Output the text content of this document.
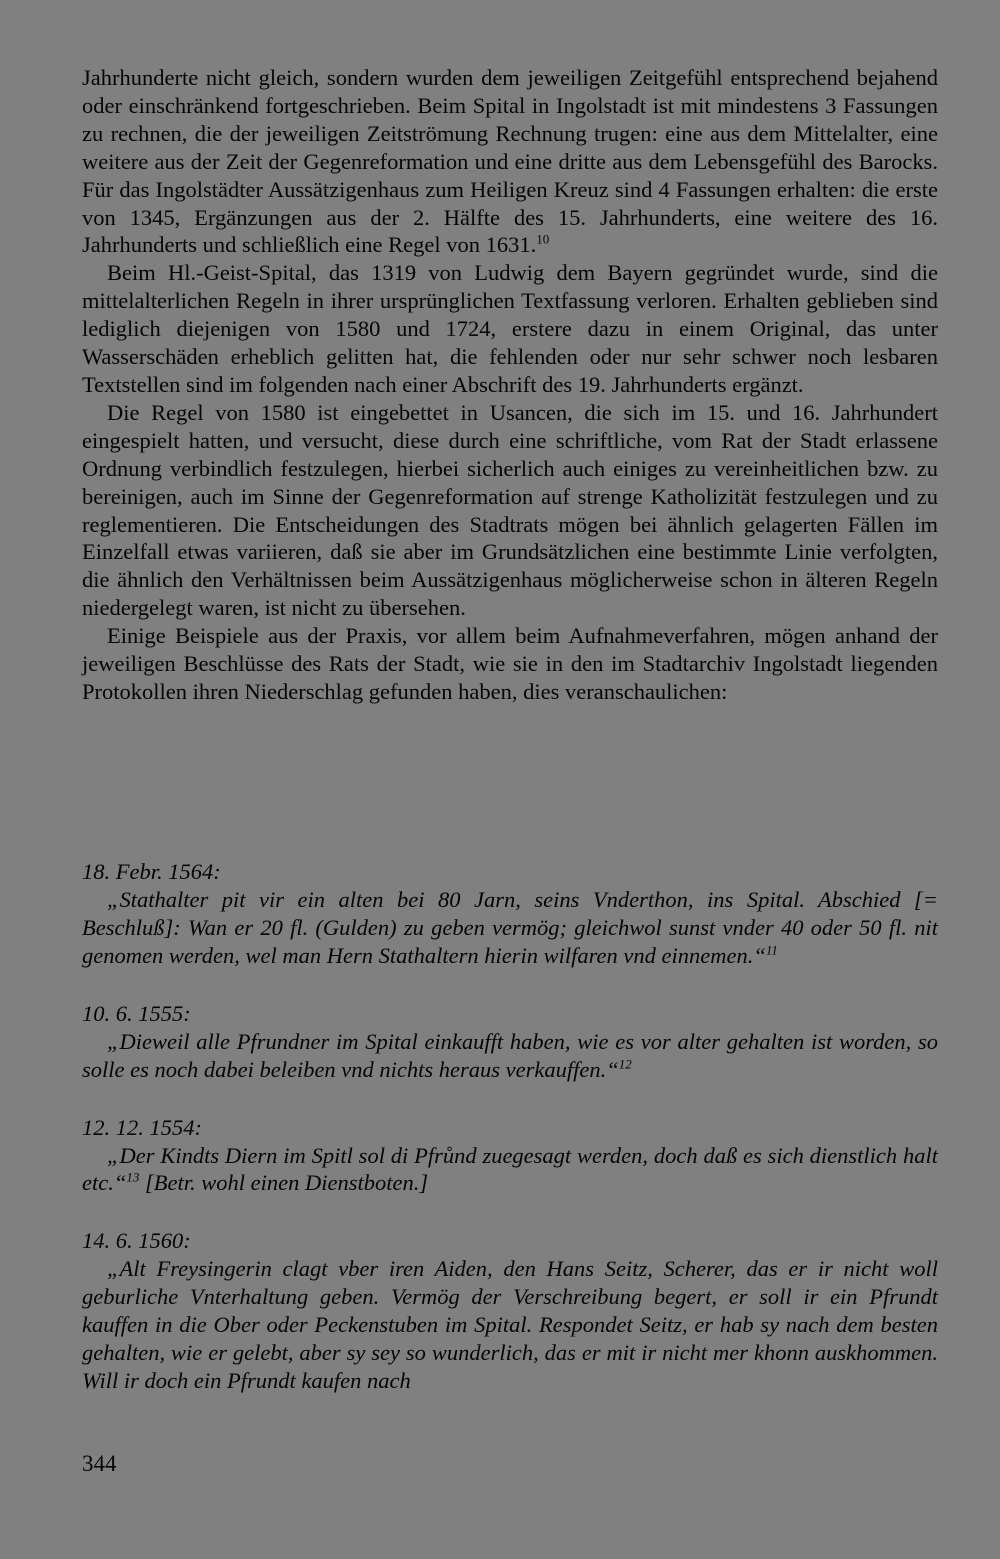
Jahrhunderte nicht gleich, sondern wurden dem jeweiligen Zeitgefühl entsprechend bejahend oder einschränkend fortgeschrieben. Beim Spital in Ingolstadt ist mit mindestens 3 Fassungen zu rechnen, die der jeweiligen Zeitströmung Rechnung trugen: eine aus dem Mittelalter, eine weitere aus der Zeit der Gegenreformation und eine dritte aus dem Lebensgefühl des Barocks. Für das Ingolstädter Aussätzigenhaus zum Heiligen Kreuz sind 4 Fassungen erhalten: die erste von 1345, Ergänzungen aus der 2. Hälfte des 15. Jahrhunderts, eine weitere des 16. Jahrhunderts und schließlich eine Regel von 1631.10

Beim Hl.-Geist-Spital, das 1319 von Ludwig dem Bayern gegründet wurde, sind die mittelalterlichen Regeln in ihrer ursprünglichen Textfassung verloren. Erhalten geblieben sind lediglich diejenigen von 1580 und 1724, erstere dazu in einem Original, das unter Wasserschäden erheblich gelitten hat, die fehlenden oder nur sehr schwer noch lesbaren Textstellen sind im folgenden nach einer Abschrift des 19. Jahrhunderts ergänzt.

Die Regel von 1580 ist eingebettet in Usancen, die sich im 15. und 16. Jahrhundert eingespielt hatten, und versucht, diese durch eine schriftliche, vom Rat der Stadt erlassene Ordnung verbindlich festzulegen, hierbei sicherlich auch einiges zu vereinheitlichen bzw. zu bereinigen, auch im Sinne der Gegenreformation auf strenge Katholizität festzulegen und zu reglementieren. Die Entscheidungen des Stadtrats mögen bei ähnlich gelagerten Fällen im Einzelfall etwas variieren, daß sie aber im Grundsätzlichen eine bestimmte Linie verfolgten, die ähnlich den Verhältnissen beim Aussätzigenhaus möglicherweise schon in älteren Regeln niedergelegt waren, ist nicht zu übersehen.

Einige Beispiele aus der Praxis, vor allem beim Aufnahmeverfahren, mögen anhand der jeweiligen Beschlüsse des Rats der Stadt, wie sie in den im Stadtarchiv Ingolstadt liegenden Protokollen ihren Niederschlag gefunden haben, dies veranschaulichen:

18. Febr. 1564:

„Stathalter pit vir ein alten bei 80 Jarn, seins Vnderthon, ins Spital. Abschied [= Beschluß]: Wan er 20 fl. (Gulden) zu geben vermög; gleichwol sunst vnder 40 oder 50 fl. nit genomen werden, wel man Hern Stathaltern hierin wilfaren vnd einnemen.“$^{11}$

10. 6. 1555:

„Dieweil alle Pfrundner im Spital einkaufft haben, wie es vor alter gehalten ist worden, so solle es noch dabei beleiben vnd nichts heraus verkauffen.“$^{12}$

12. 12. 1554:

„Der Kindts Diern im Spitl sol di Pfrůnd zuegesagt werden, doch daß es sich dienstlich halt etc.“$^{13}$ [Betr. wohl einen Dienstboten.]

14. 6. 1560:

„Alt Freysingerin clagt vber iren Aiden, den Hans Seitz, Scherer, das er ir nicht woll geburliche Vnterhaltung geben. Vermög der Verschreibung begert, er soll ir ein Pfrundt kauffen in die Ober oder Peckenstuben im Spital. Respondet Seitz, er hab sy nach dem besten gehalten, wie er gelebt, aber sy sey so wunderlich, das er mit ir nicht mer khonn auskhommen. Will ir doch ein Pfrundt kaufen nach

344
